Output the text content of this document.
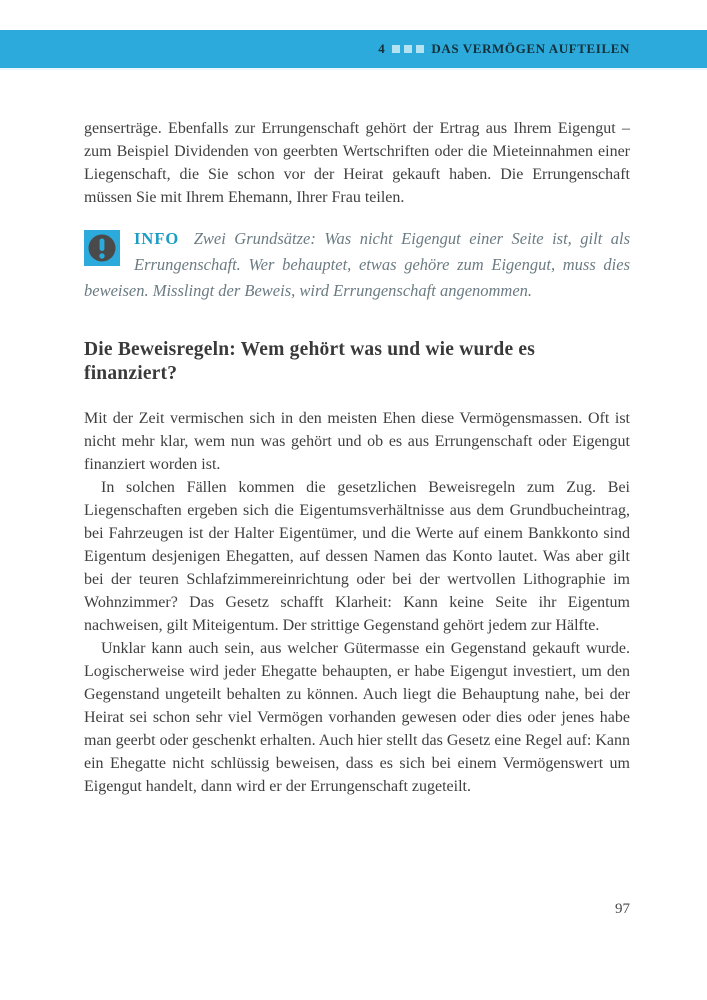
4	DAS VERMÖGEN AUFTEILEN

genserträge. Ebenfalls zur Errungenschaft gehört der Ertrag aus Ihrem Eigengut – zum Beispiel Dividenden von geerbten Wertschriften oder die Mieteinnahmen einer Liegenschaft, die Sie schon vor der Heirat gekauft haben. Die Errungenschaft müssen Sie mit Ihrem Ehemann, Ihrer Frau teilen.

INFO Zwei Grundsätze: Was nicht Eigengut einer Seite ist, gilt als Errungenschaft. Wer behauptet, etwas gehöre zum Eigengut, muss dies beweisen. Misslingt der Beweis, wird Errungenschaft angenommen.
Die Beweisregeln: Wem gehört was und wie wurde es finanziert?

Mit der Zeit vermischen sich in den meisten Ehen diese Vermögensmassen. Oft ist nicht mehr klar, wem nun was gehört und ob es aus Errungenschaft oder Eigengut finanziert worden ist.

In solchen Fällen kommen die gesetzlichen Beweisregeln zum Zug. Bei Liegenschaften ergeben sich die Eigentumsverhältnisse aus dem Grundbucheintrag, bei Fahrzeugen ist der Halter Eigentümer, und die Werte auf einem Bankkonto sind Eigentum desjenigen Ehegatten, auf dessen Namen das Konto lautet. Was aber gilt bei der teuren Schlafzimmereinrichtung oder bei der wertvollen Lithographie im Wohnzimmer? Das Gesetz schafft Klarheit: Kann keine Seite ihr Eigentum nachweisen, gilt Miteigentum. Der strittige Gegenstand gehört jedem zur Hälfte.

Unklar kann auch sein, aus welcher Gütermasse ein Gegenstand gekauft wurde. Logischerweise wird jeder Ehegatte behaupten, er habe Eigengut investiert, um den Gegenstand ungeteilt behalten zu können. Auch liegt die Behauptung nahe, bei der Heirat sei schon sehr viel Vermögen vorhanden gewesen oder dies oder jenes habe man geerbt oder geschenkt erhalten. Auch hier stellt das Gesetz eine Regel auf: Kann ein Ehegatte nicht schlüssig beweisen, dass es sich bei einem Vermögenswert um Eigengut handelt, dann wird er der Errungenschaft zugeteilt.

97
